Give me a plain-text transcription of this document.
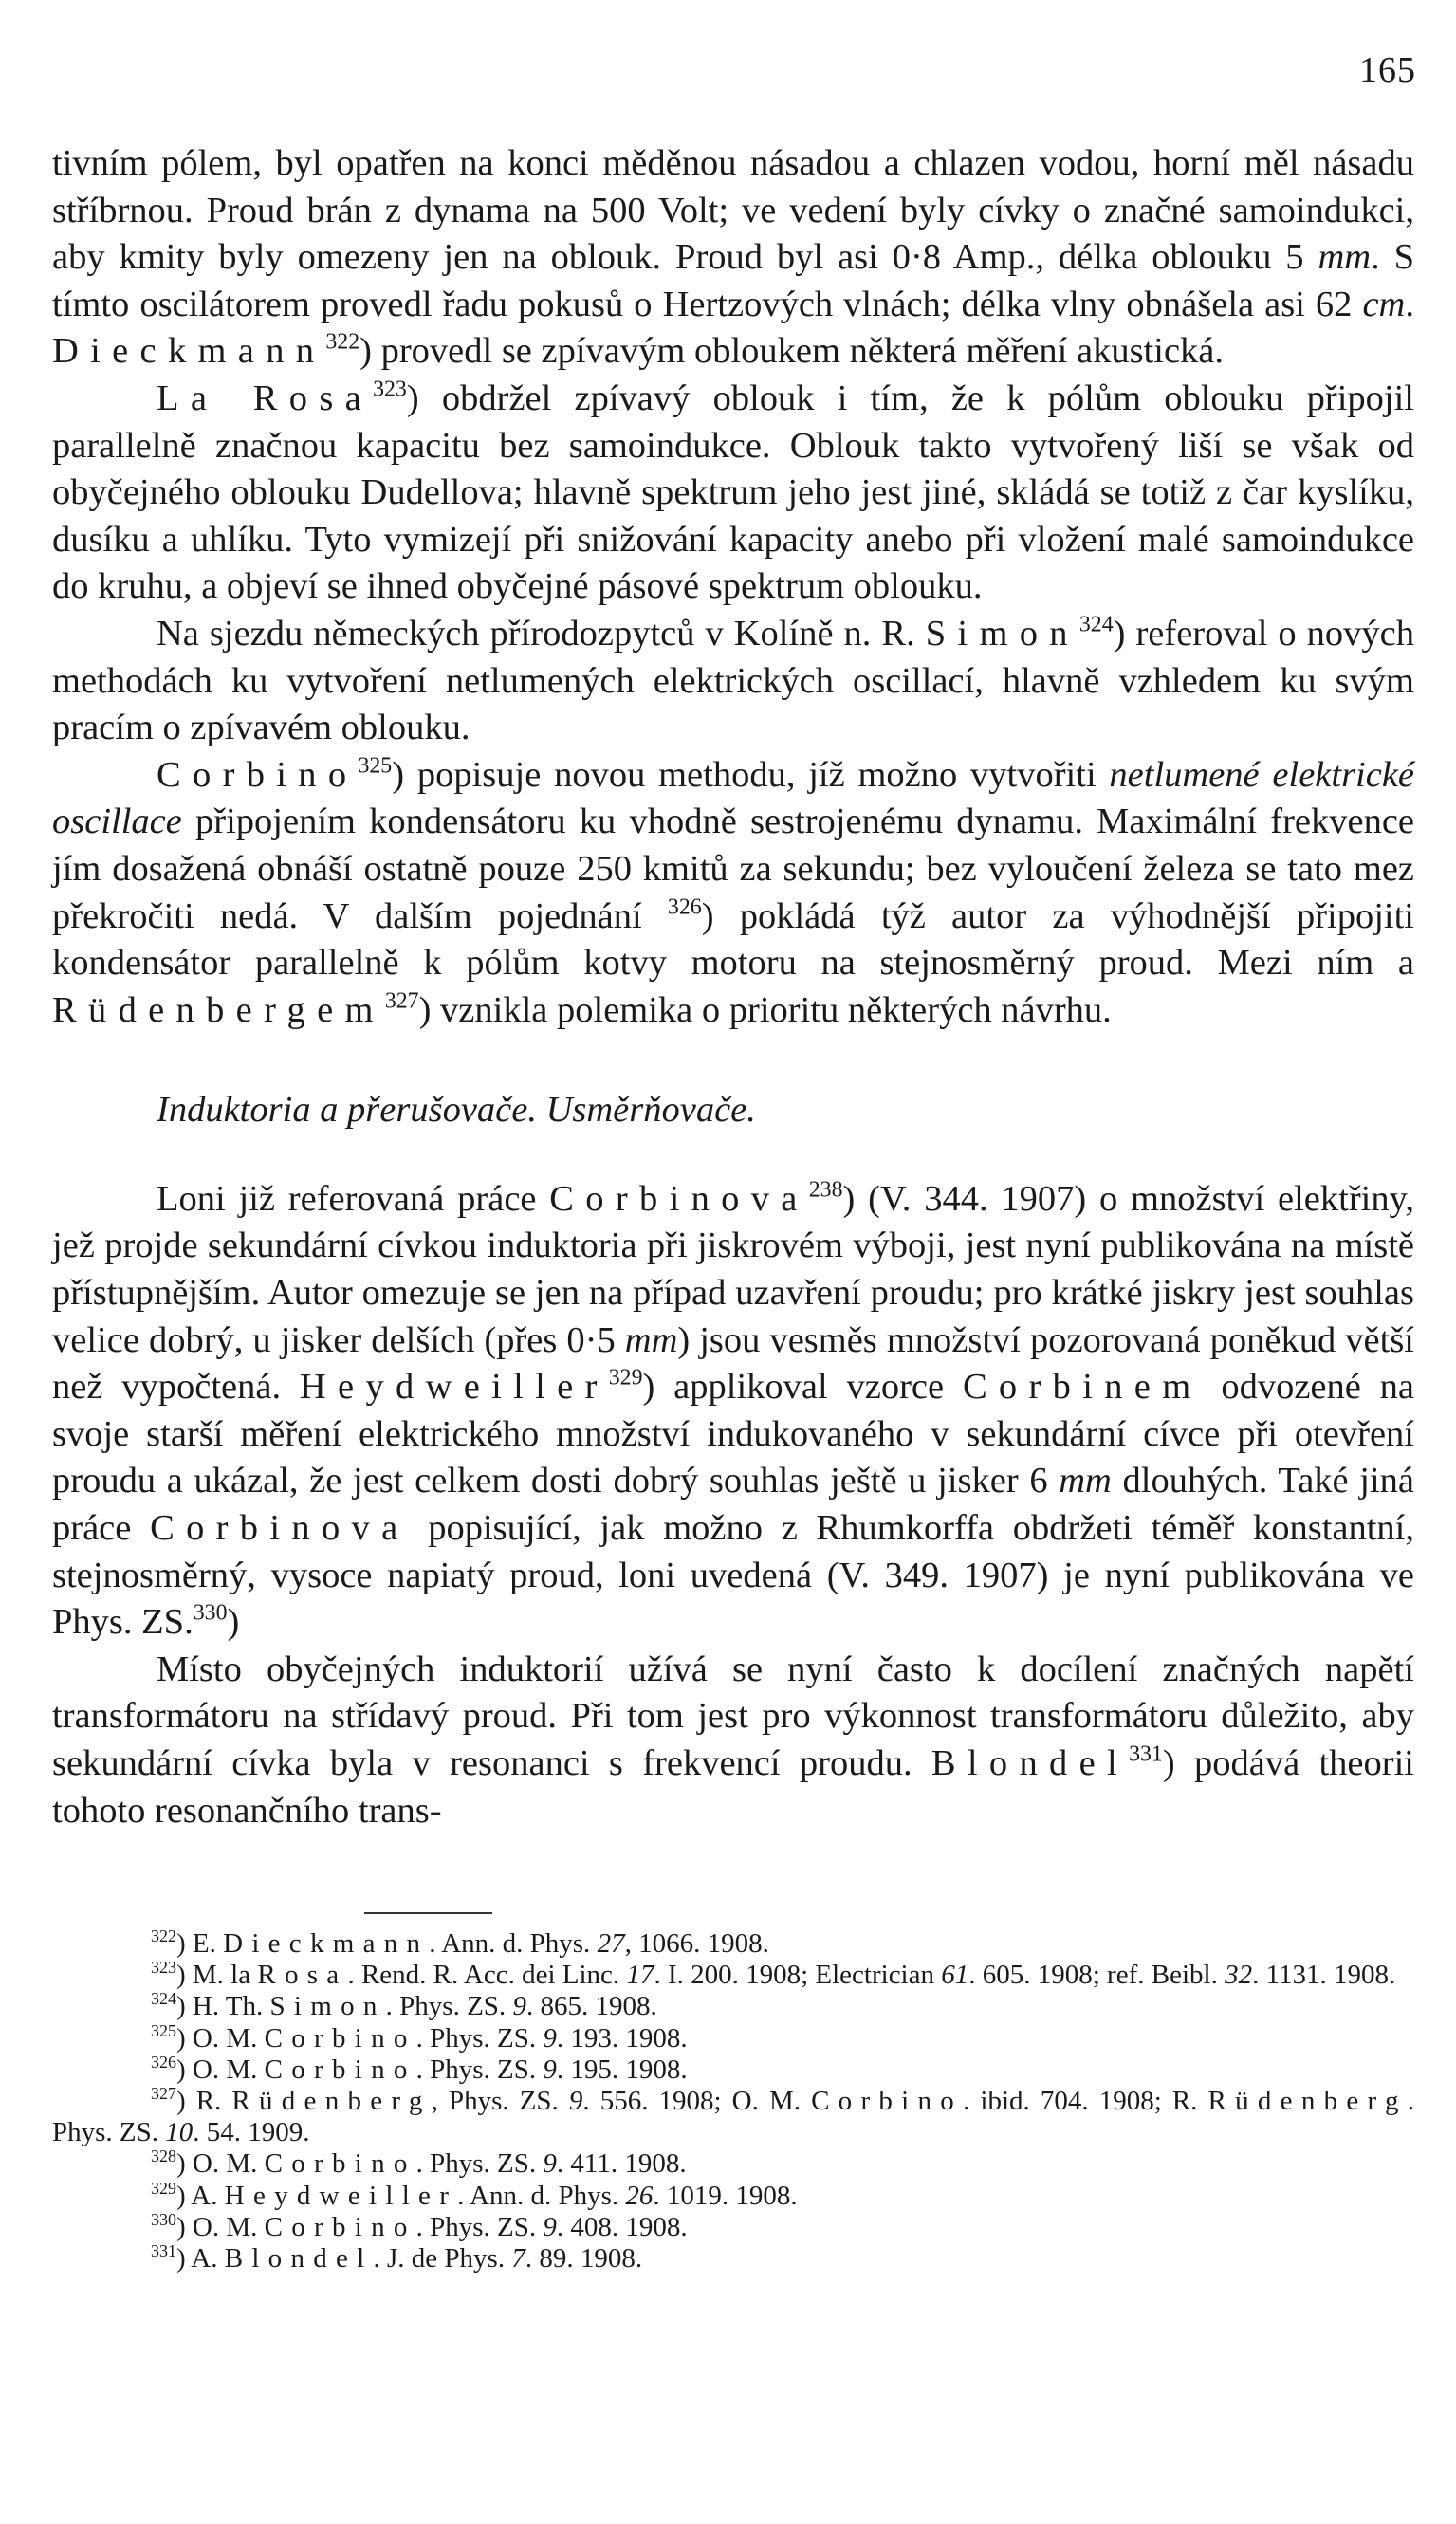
165

tivním pólem, byl opatřen na konci měděnou násadou a chlazen vodou, horní měl násadu stříbrnou. Proud brán z dynama na 500 Volt; ve vedení byly cívky o značné samoindukci, aby kmity byly omezeny jen na oblouk. Proud byl asi 0·8 Amp., délka oblouku 5 mm. S tímto oscilátorem provedl řadu pokusů o Hertzových vlnách; délka vlny obnášela asi 62 cm. Dieckmann$^{322}$) provedl se zpívavým obloukem některá měření akustická.

La Rosa$^{323}$) obdržel zpívavý oblouk i tím, že k pólům oblouku připojil parallelně značnou kapacitu bez samoindukce. Oblouk takto vytvořený liší se však od obyčejného oblouku Dudellova; hlavně spektrum jeho jest jiné, skládá se totiž z čar kyslíku, dusíku a uhlíku. Tyto vymizejí při snižování kapacity anebo při vložení malé samoindukce do kruhu, a objeví se ihned obyčejné pásové spektrum oblouku.

Na sjezdu německých přírodozpytců v Kolíně n. R. Simon$^{324}$) referoval o nových methodách ku vytvoření netlumených elektrických oscillací, hlavně vzhledem ku svým pracím o zpívavém oblouku.

Corbino$^{325}$) popisuje novou methodu, jíž možno vytvořiti netlumené elektrické oscillace připojením kondensátoru ku vhodně sestrojenému dynamu. Maximální frekvence jím dosažená obnáší ostatně pouze 250 kmitů za sekundu; bez vyloučení železa se tato mez překročiti nedá. V dalším pojednání $^{326}$) pokládá týž autor za výhodnější připojiti kondensátor parallelně k pólům kotvy motoru na stejnosměrný proud. Mezi ním a Rüdenbergem$^{327}$) vznikla polemika o prioritu některých návrhu.

Induktoria a přerušovače. Usměrňovače.

Loni již referovaná práce Corbinova$^{238}$) (V. 344. 1907) o množství elektřiny, jež projde sekundární cívkou induktoria při jiskrovém výboji, jest nyní publikována na místě přístupnějším. Autor omezuje se jen na případ uzavření proudu; pro krátké jiskry jest souhlas velice dobrý, u jisker delších (přes 0·5 mm) jsou vesměs množství pozorovaná poněkud větší než vypočtená. Heydweiller$^{329}$) applikoval vzorce Corbinem odvozené na svoje starší měření elektrického množství indukovaného v sekundární cívce při otevření proudu a ukázal, že jest celkem dosti dobrý souhlas ještě u jisker 6 mm dlouhých. Také jiná práce Corbinova popisující, jak možno z Rhumkorffa obdržeti téměř konstantní, stejnosměrný, vysoce napiatý proud, loni uvedená (V. 349. 1907) je nyní publikována ve Phys. ZS.$^{330}$)

Místo obyčejných induktorií užívá se nyní často k docílení značných napětí transformátoru na střídavý proud. Při tom jest pro výkonnost transformátoru důležito, aby sekundární cívka byla v resonanci s frekvencí proudu. Blondel$^{331}$) podává theorii tohoto resonančního trans-

$^{322}$) E. Dieckmann. Ann. d. Phys. 27, 1066. 1908.

$^{323}$) M. la Rosa. Rend. R. Acc. dei Linc. 17. I. 200. 1908; Electrician 61. 605. 1908; ref. Beibl. 32. 1131. 1908.

$^{324}$) H. Th. Simon. Phys. ZS. 9. 865. 1908.

$^{325}$) O. M. Corbino. Phys. ZS. 9. 193. 1908.

$^{326}$) O. M. Corbino. Phys. ZS. 9. 195. 1908.

$^{327}$) R. Rüdenberg, Phys. ZS. 9. 556. 1908; O. M. Corbino. ibid. 704. 1908; R. Rüdenberg. Phys. ZS. 10. 54. 1909.

$^{328}$) O. M. Corbino. Phys. ZS. 9. 411. 1908.

$^{329}$) A. Heydweiller. Ann. d. Phys. 26. 1019. 1908.

$^{330}$) O. M. Corbino. Phys. ZS. 9. 408. 1908.

$^{331}$) A. Blondel. J. de Phys. 7. 89. 1908.
